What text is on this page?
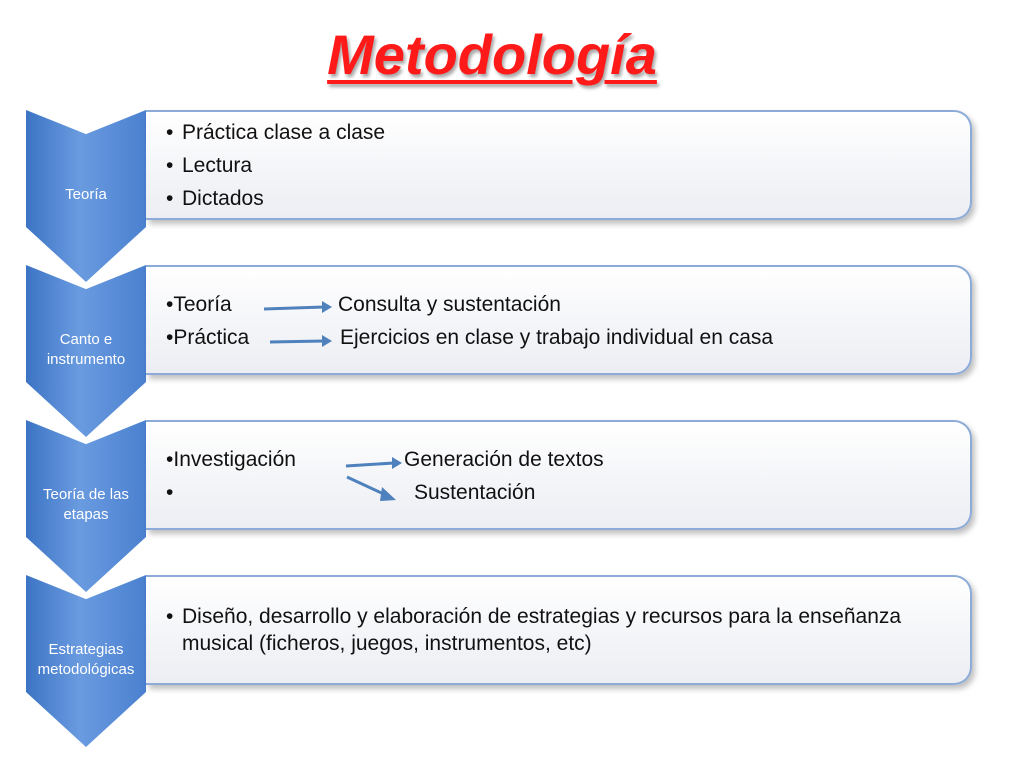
Metodología
Teoría
• Práctica clase a clase
• Lectura
• Dictados
Canto e
instrumento
•Teoría	Consulta y sustentación
•Práctica	Ejercicios en clase y trabajo individual en casa
Teoría de las
etapas
•Investigación	Generación de textos
•	Sustentación
Estrategias
metodológicas
• Diseño, desarrollo y elaboración de estrategias y recursos para la enseñanza musical (ficheros, juegos, instrumentos, etc)
